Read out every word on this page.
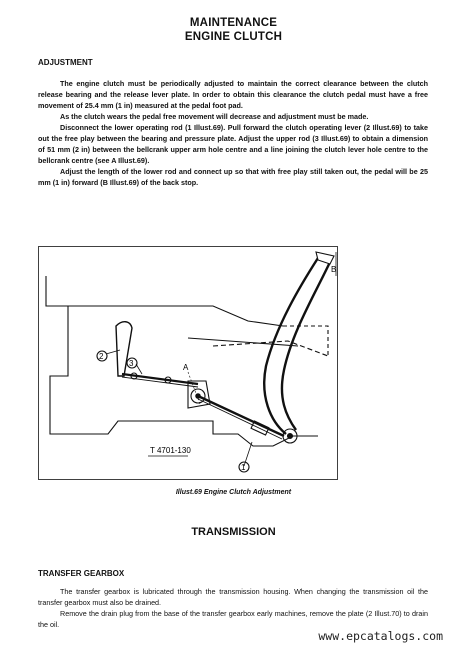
MAINTENANCE
ENGINE CLUTCH
ADJUSTMENT

The engine clutch must be periodically adjusted to maintain the correct clearance between the clutch release bearing and the release lever plate. In order to obtain this clearance the clutch pedal must have a free movement of 25.4 mm (1 in) measured at the pedal foot pad.

As the clutch wears the pedal free movement will decrease and adjustment must be made.

Disconnect the lower operating rod (1 Illust.69). Pull forward the clutch operating lever (2 Illust.69) to take out the free play between the bearing and pressure plate. Adjust the upper rod (3 Illust.69) to obtain a dimension of 51 mm (2 in) between the bellcrank upper arm hole centre and a line joining the clutch lever hole centre to the bellcrank centre (see A Illust.69).

Adjust the length of the lower rod and connect up so that with free play still taken out, the pedal will be 25 mm (1 in) forward (B Illust.69) of the back stop.

2
3
1
A
B
T 4701-130
Illust.69 Engine Clutch Adjustment
TRANSMISSION
TRANSFER GEARBOX

The transfer gearbox is lubricated through the transmission housing. When changing the transmission oil the transfer gearbox must also be drained.

Remove the drain plug from the base of the transfer gearbox early machines, remove the plate (2 Illust.70) to drain the oil.

www.epcatalogs.com
